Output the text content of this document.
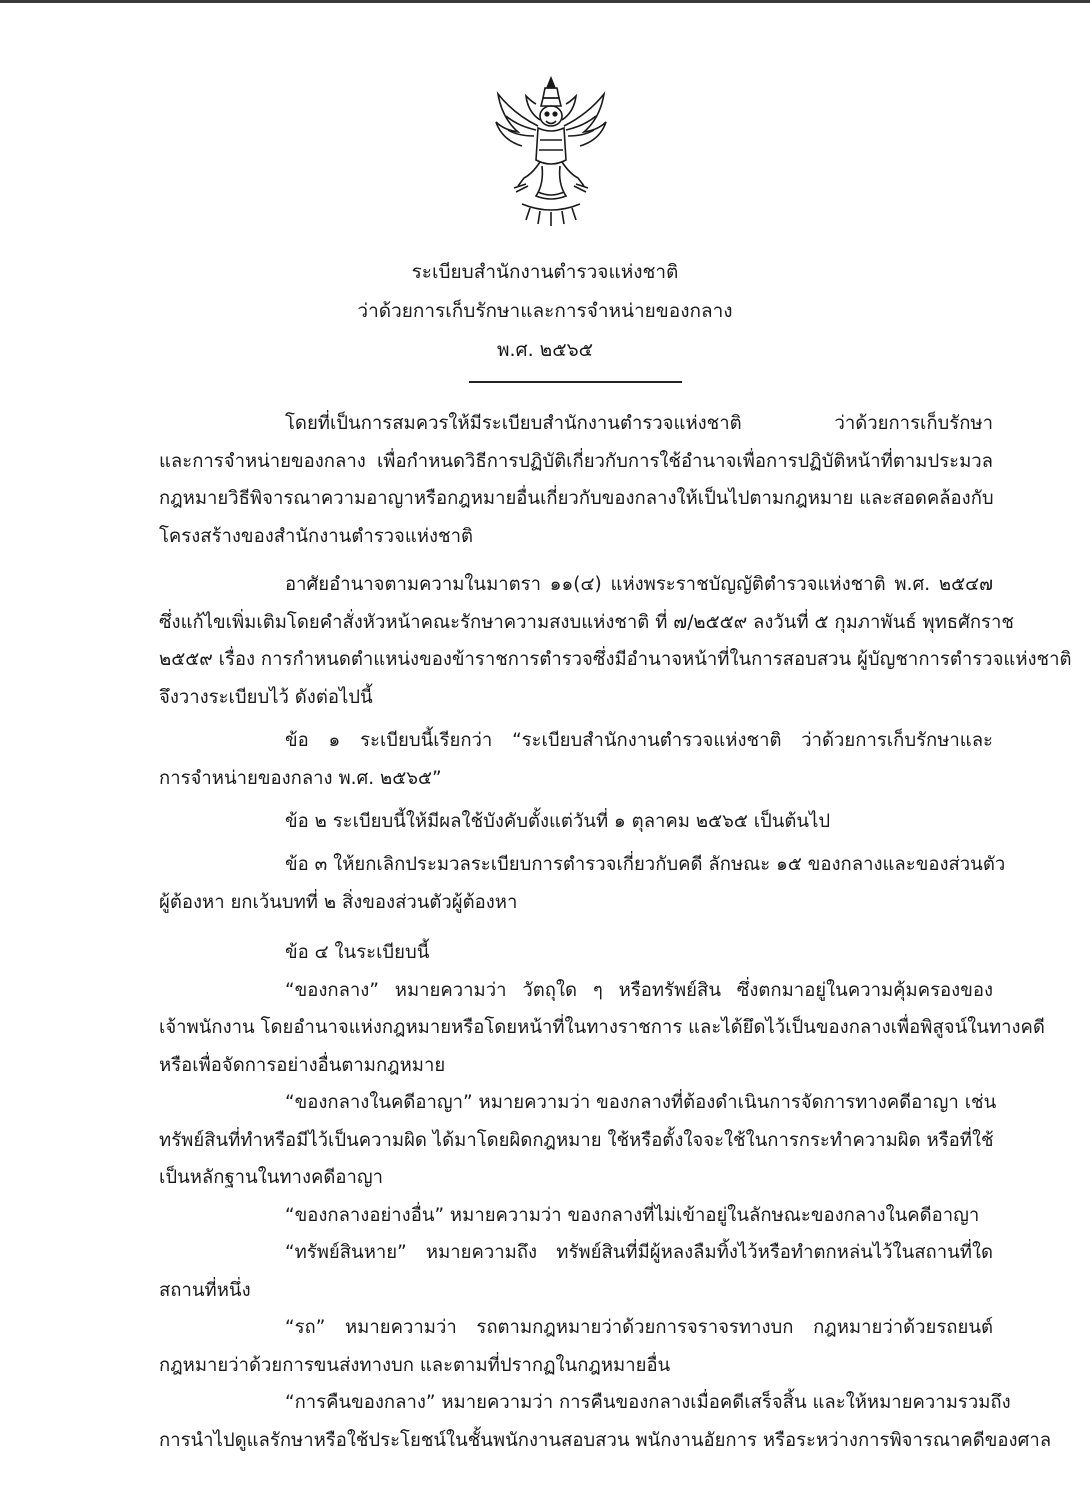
ระเบียบสำนักงานตำรวจแห่งชาติ
ว่าด้วยการเก็บรักษาและการจำหน่ายของกลาง
พ.ศ. ๒๕๖๕

โดยที่เป็นการสมควรให้มีระเบียบสำนักงานตำรวจแห่งชาติ ว่าด้วยการเก็บรักษา
และการจำหน่ายของกลาง เพื่อกำหนดวิธีการปฏิบัติเกี่ยวกับการใช้อำนาจเพื่อการปฏิบัติหน้าที่ตามประมวล
กฎหมายวิธีพิจารณาความอาญาหรือกฎหมายอื่นเกี่ยวกับของกลางให้เป็นไปตามกฎหมาย และสอดคล้องกับ
โครงสร้างของสำนักงานตำรวจแห่งชาติ

อาศัยอำนาจตามความในมาตรา ๑๑(๔) แห่งพระราชบัญญัติตำรวจแห่งชาติ พ.ศ. ๒๕๔๗
ซึ่งแก้ไขเพิ่มเติมโดยคำสั่งหัวหน้าคณะรักษาความสงบแห่งชาติ ที่ ๗/๒๕๕๙ ลงวันที่ ๕ กุมภาพันธ์ พุทธศักราช
๒๕๕๙ เรื่อง การกำหนดตำแหน่งของข้าราชการตำรวจซึ่งมีอำนาจหน้าที่ในการสอบสวน ผู้บัญชาการตำรวจแห่งชาติ
จึงวางระเบียบไว้ ดังต่อไปนี้

ข้อ ๑ ระเบียบนี้เรียกว่า “ระเบียบสำนักงานตำรวจแห่งชาติ ว่าด้วยการเก็บรักษาและ
การจำหน่ายของกลาง พ.ศ. ๒๕๖๕”

ข้อ ๒ ระเบียบนี้ให้มีผลใช้บังคับตั้งแต่วันที่ ๑ ตุลาคม ๒๕๖๕ เป็นต้นไป

ข้อ ๓ ให้ยกเลิกประมวลระเบียบการตำรวจเกี่ยวกับคดี ลักษณะ ๑๕ ของกลางและของส่วนตัว
ผู้ต้องหา ยกเว้นบทที่ ๒ สิ่งของส่วนตัวผู้ต้องหา

ข้อ ๔ ในระเบียบนี้
“ของกลาง” หมายความว่า วัตถุใด ๆ หรือทรัพย์สิน ซึ่งตกมาอยู่ในความคุ้มครองของ
เจ้าพนักงาน โดยอำนาจแห่งกฎหมายหรือโดยหน้าที่ในทางราชการ และได้ยึดไว้เป็นของกลางเพื่อพิสูจน์ในทางคดี
หรือเพื่อจัดการอย่างอื่นตามกฎหมาย
“ของกลางในคดีอาญา” หมายความว่า ของกลางที่ต้องดำเนินการจัดการทางคดีอาญา เช่น
ทรัพย์สินที่ทำหรือมีไว้เป็นความผิด ได้มาโดยผิดกฎหมาย ใช้หรือตั้งใจจะใช้ในการกระทำความผิด หรือที่ใช้
เป็นหลักฐานในทางคดีอาญา
“ของกลางอย่างอื่น” หมายความว่า ของกลางที่ไม่เข้าอยู่ในลักษณะของกลางในคดีอาญา
“ทรัพย์สินหาย” หมายความถึง ทรัพย์สินที่มีผู้หลงลืมทิ้งไว้หรือทำตกหล่นไว้ในสถานที่ใด
สถานที่หนึ่ง
“รถ” หมายความว่า รถตามกฎหมายว่าด้วยการจราจรทางบก กฎหมายว่าด้วยรถยนต์
กฎหมายว่าด้วยการขนส่งทางบก และตามที่ปรากฏในกฎหมายอื่น
“การคืนของกลาง” หมายความว่า การคืนของกลางเมื่อคดีเสร็จสิ้น และให้หมายความรวมถึง
การนำไปดูแลรักษาหรือใช้ประโยชน์ในชั้นพนักงานสอบสวน พนักงานอัยการ หรือระหว่างการพิจารณาคดีของศาล
